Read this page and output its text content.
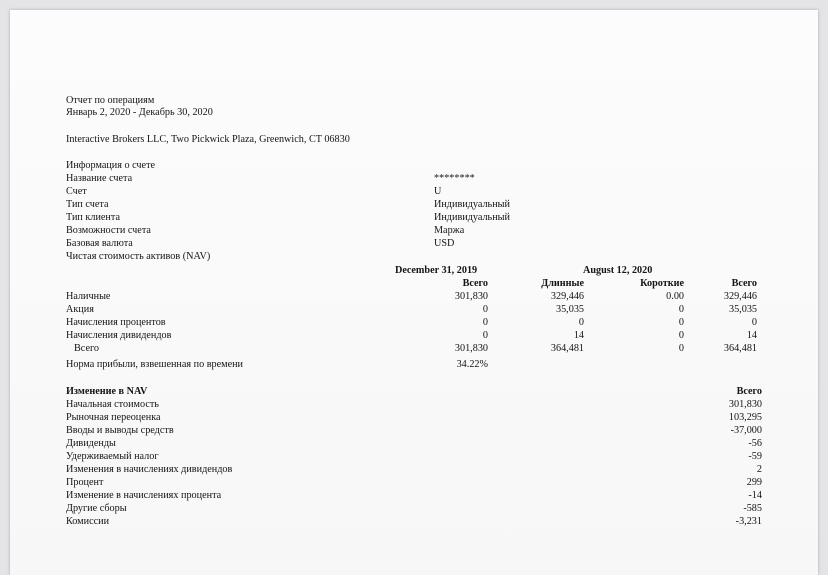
Отчет по операциям
Январь 2, 2020 - Декабрь 30, 2020
Interactive Brokers LLC, Two Pickwick Plaza, Greenwich, CT 06830
Информация о счете
Название счета	********
Счет	U
Тип счета	Индивидуальный
Тип клиента	Индивидуальный
Возможности счета	Маржа
Базовая валюта	USD
Чистая стоимость активов (NAV)
December 31, 2019	August 12, 2020
Всего	Длинные	Короткие	Всего
Наличные	301,830	329,446	0.00	329,446
Акция	0	35,035	0	35,035
Начисления процентов	0	0	0	0
Начисления дивидендов	0	14	0	14
Всего	301,830	364,481	0	364,481
Норма прибыли, взвешенная по времени	34.22%
Изменение в NAV	Всего
Начальная стоимость	301,830
Рыночная переоценка	103,295
Вводы и выводы средств	-37,000
Дивиденды	-56
Удерживаемый налог	-59
Изменения в начислениях дивидендов	2
Процент	299
Изменение в начислениях процента	-14
Другие сборы	-585
Комиссии	-3,231
